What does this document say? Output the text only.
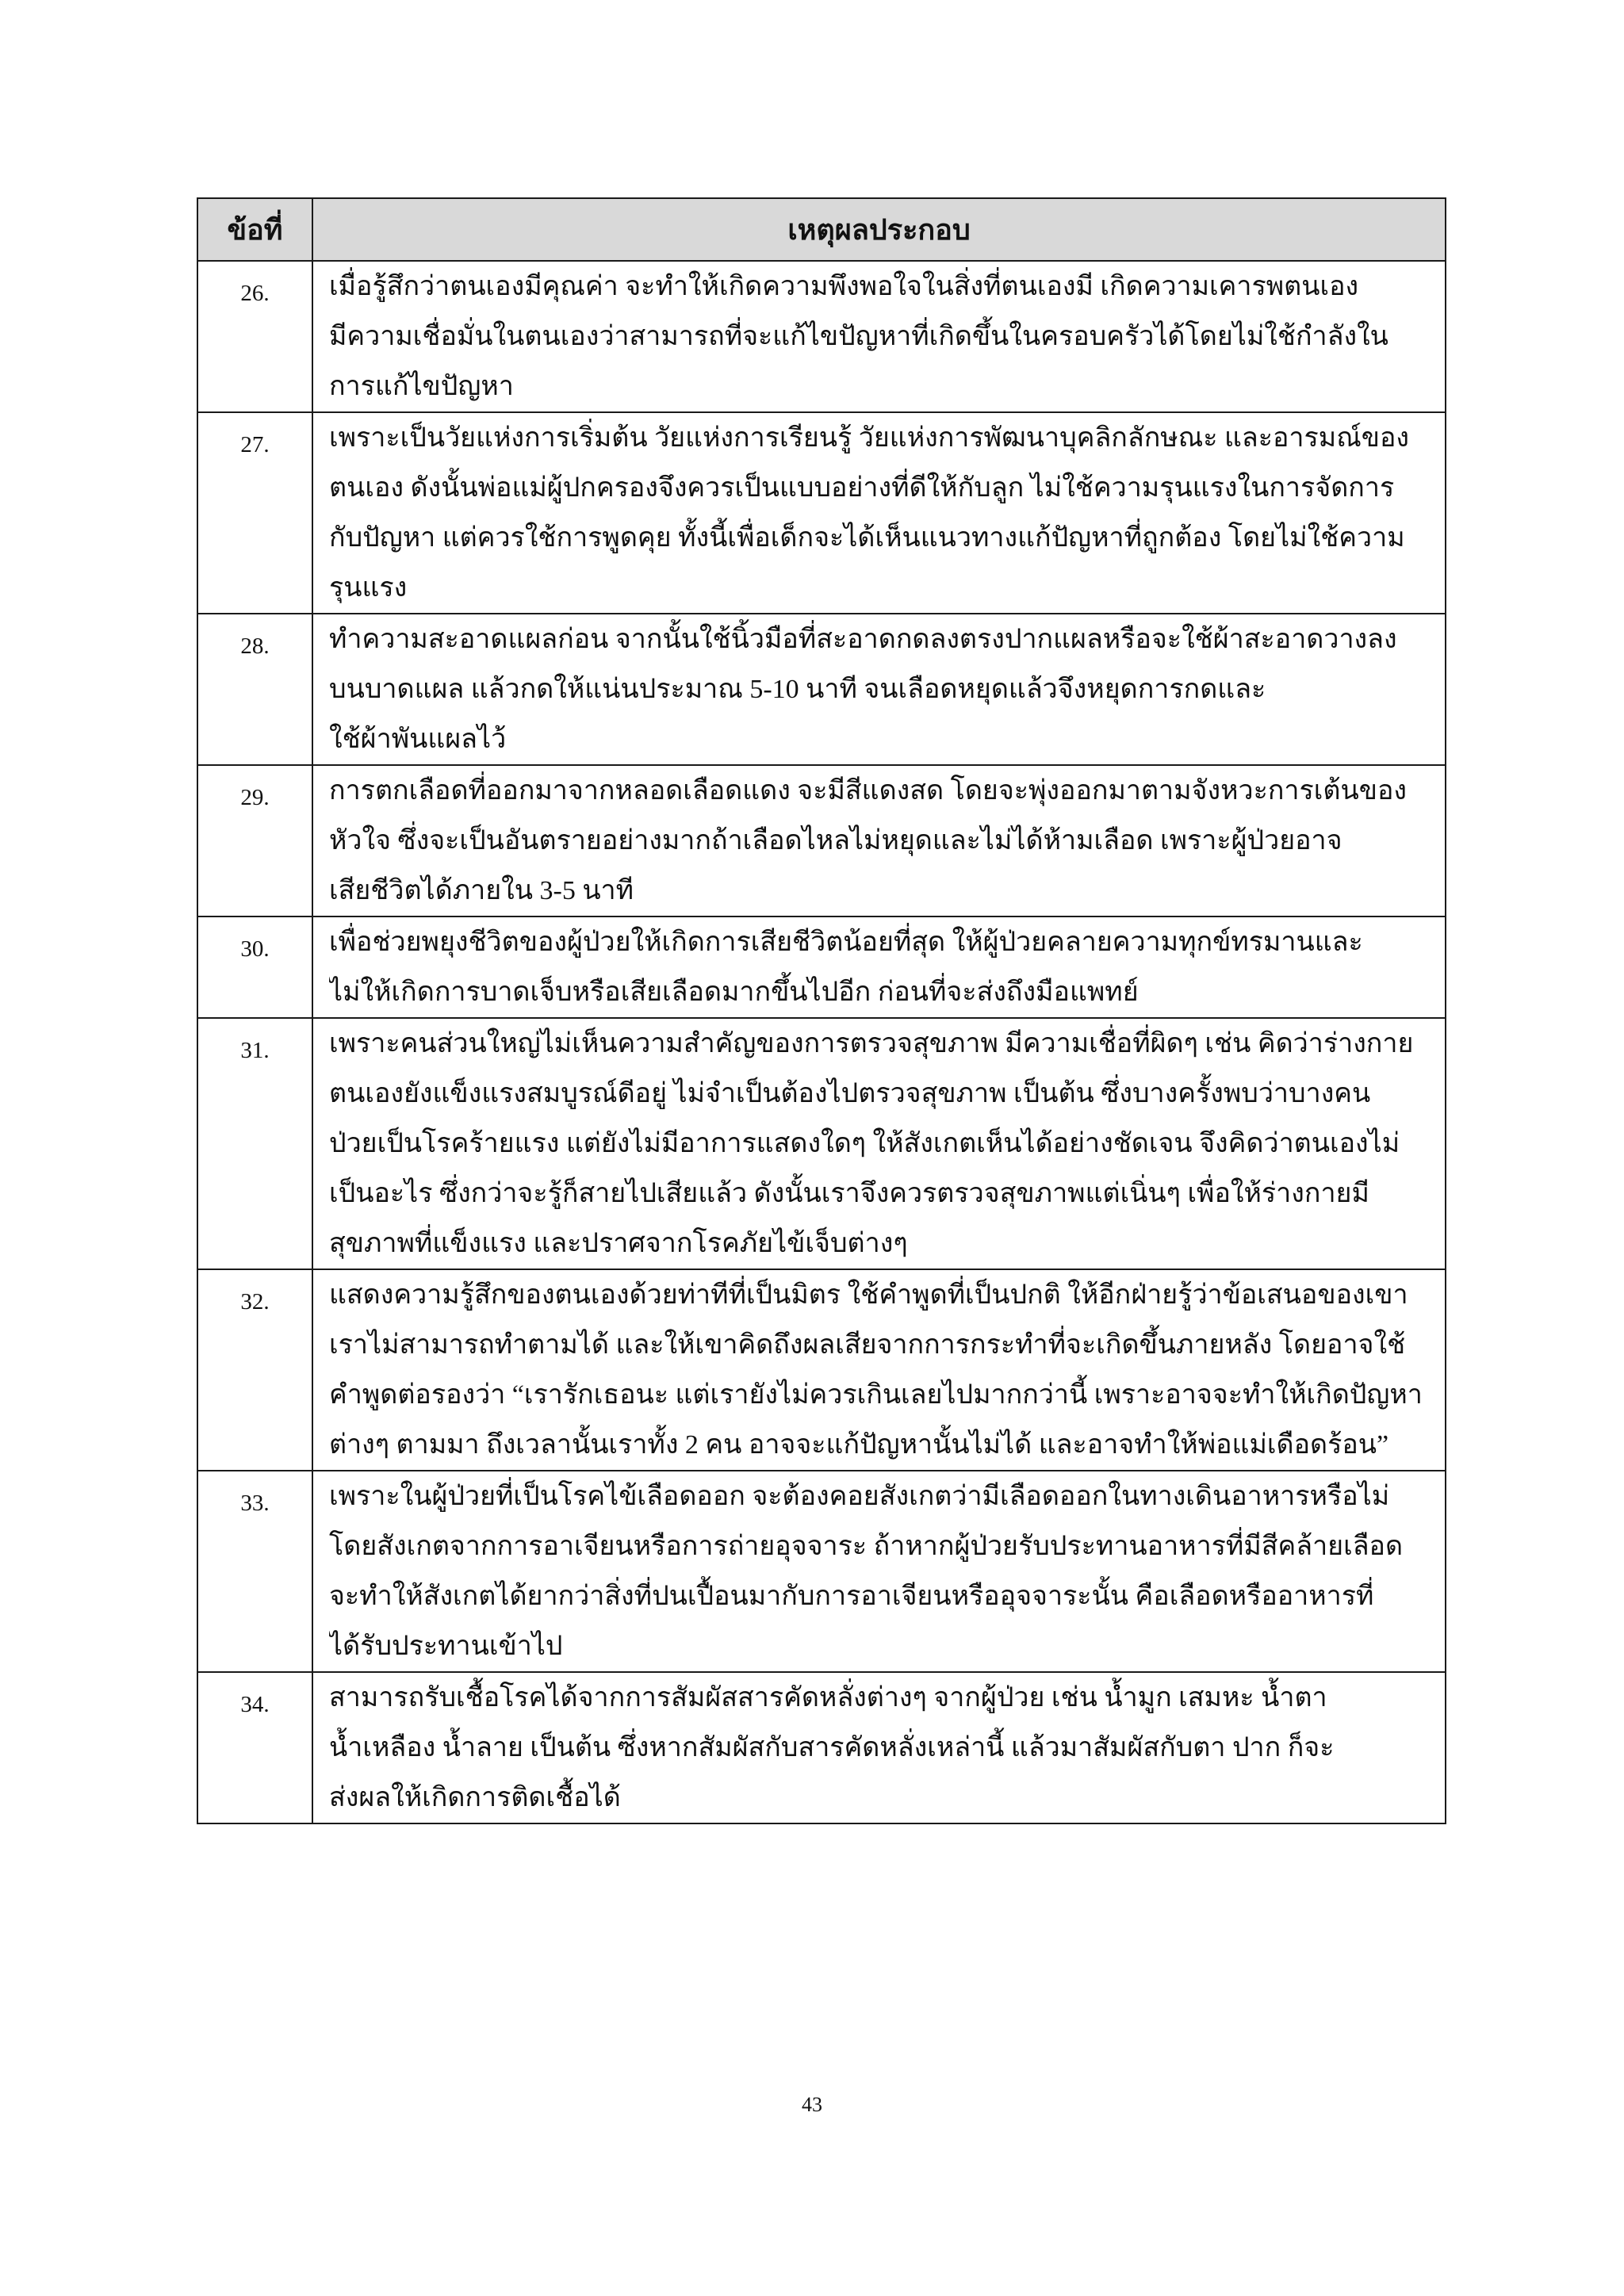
ข้อที่	เหตุผลประกอบ
26.	เมื่อรู้สึกว่าตนเองมีคุณค่า จะทำให้เกิดความพึงพอใจในสิ่งที่ตนเองมี เกิดความเคารพตนเอง
มีความเชื่อมั่นในตนเองว่าสามารถที่จะแก้ไขปัญหาที่เกิดขึ้นในครอบครัวได้โดยไม่ใช้กำลังใน
การแก้ไขปัญหา

27.	เพราะเป็นวัยแห่งการเริ่มต้น วัยแห่งการเรียนรู้ วัยแห่งการพัฒนาบุคลิกลักษณะ และอารมณ์ของ
ตนเอง ดังนั้นพ่อแม่ผู้ปกครองจึงควรเป็นแบบอย่างที่ดีให้กับลูก ไม่ใช้ความรุนแรงในการจัดการ
กับปัญหา แต่ควรใช้การพูดคุย ทั้งนี้เพื่อเด็กจะได้เห็นแนวทางแก้ปัญหาที่ถูกต้อง โดยไม่ใช้ความ
รุนแรง

28.	ทำความสะอาดแผลก่อน จากนั้นใช้นิ้วมือที่สะอาดกดลงตรงปากแผลหรือจะใช้ผ้าสะอาดวางลง
บนบาดแผล แล้วกดให้แน่นประมาณ 5-10 นาที จนเลือดหยุดแล้วจึงหยุดการกดและ
ใช้ผ้าพันแผลไว้

29.	การตกเลือดที่ออกมาจากหลอดเลือดแดง จะมีสีแดงสด โดยจะพุ่งออกมาตามจังหวะการเต้นของ
หัวใจ ซึ่งจะเป็นอันตรายอย่างมากถ้าเลือดไหลไม่หยุดและไม่ได้ห้ามเลือด เพราะผู้ป่วยอาจ
เสียชีวิตได้ภายใน 3-5 นาที

30.	เพื่อช่วยพยุงชีวิตของผู้ป่วยให้เกิดการเสียชีวิตน้อยที่สุด ให้ผู้ป่วยคลายความทุกข์ทรมานและ
ไม่ให้เกิดการบาดเจ็บหรือเสียเลือดมากขึ้นไปอีก ก่อนที่จะส่งถึงมือแพทย์

31.	เพราะคนส่วนใหญ่ไม่เห็นความสำคัญของการตรวจสุขภาพ มีความเชื่อที่ผิดๆ เช่น คิดว่าร่างกาย
ตนเองยังแข็งแรงสมบูรณ์ดีอยู่ ไม่จำเป็นต้องไปตรวจสุขภาพ เป็นต้น ซึ่งบางครั้งพบว่าบางคน
ป่วยเป็นโรคร้ายแรง แต่ยังไม่มีอาการแสดงใดๆ ให้สังเกตเห็นได้อย่างชัดเจน จึงคิดว่าตนเองไม่
เป็นอะไร ซึ่งกว่าจะรู้ก็สายไปเสียแล้ว ดังนั้นเราจึงควรตรวจสุขภาพแต่เนิ่นๆ เพื่อให้ร่างกายมี
สุขภาพที่แข็งแรง และปราศจากโรคภัยไข้เจ็บต่างๆ

32.	แสดงความรู้สึกของตนเองด้วยท่าทีที่เป็นมิตร ใช้คำพูดที่เป็นปกติ ให้อีกฝ่ายรู้ว่าข้อเสนอของเขา
เราไม่สามารถทำตามได้ และให้เขาคิดถึงผลเสียจากการกระทำที่จะเกิดขึ้นภายหลัง โดยอาจใช้
คำพูดต่อรองว่า “เรารักเธอนะ แต่เรายังไม่ควรเกินเลยไปมากกว่านี้ เพราะอาจจะทำให้เกิดปัญหา
ต่างๆ ตามมา ถึงเวลานั้นเราทั้ง 2 คน อาจจะแก้ปัญหานั้นไม่ได้ และอาจทำให้พ่อแม่เดือดร้อน”

33.	เพราะในผู้ป่วยที่เป็นโรคไข้เลือดออก จะต้องคอยสังเกตว่ามีเลือดออกในทางเดินอาหารหรือไม่
โดยสังเกตจากการอาเจียนหรือการถ่ายอุจจาระ ถ้าหากผู้ป่วยรับประทานอาหารที่มีสีคล้ายเลือด
จะทำให้สังเกตได้ยากว่าสิ่งที่ปนเปื้อนมากับการอาเจียนหรืออุจจาระนั้น คือเลือดหรืออาหารที่
ได้รับประทานเข้าไป

34.	สามารถรับเชื้อโรคได้จากการสัมผัสสารคัดหลั่งต่างๆ จากผู้ป่วย เช่น น้ำมูก เสมหะ น้ำตา
น้ำเหลือง น้ำลาย เป็นต้น ซึ่งหากสัมผัสกับสารคัดหลั่งเหล่านี้ แล้วมาสัมผัสกับตา ปาก ก็จะ
ส่งผลให้เกิดการติดเชื้อได้
43
